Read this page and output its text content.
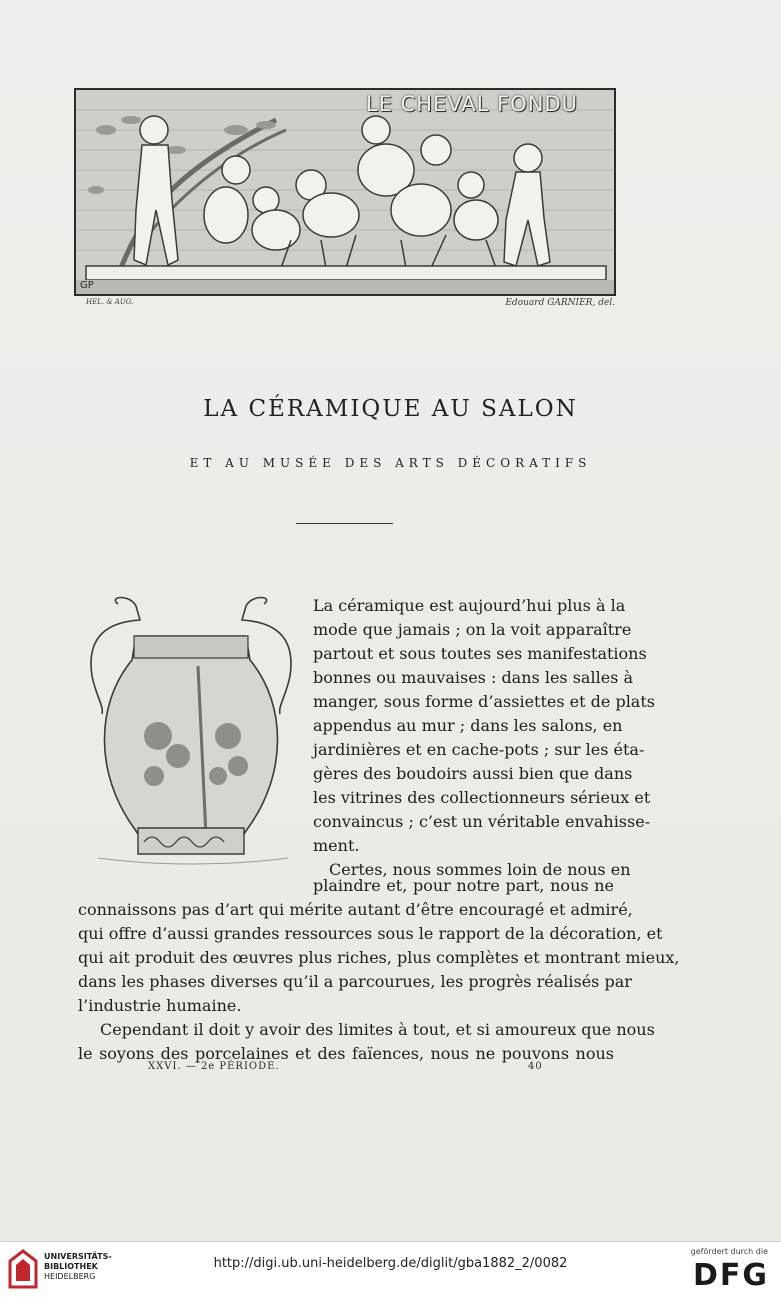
GP
LE CHEVAL FONDU
HEL. & AUG.	Edouard GARNIER, del.
LA CÉRAMIQUE AU SALON
ET AU MUSÉE DES ARTS DÉCORATIFS
La céramique est aujourd’hui plus à la
mode que jamais ; on la voit apparaître
partout et sous toutes ses manifestations
bonnes ou mauvaises : dans les salles à
manger, sous forme d’assiettes et de plats
appendus au mur ; dans les salons, en
jardinières et en cache-pots ; sur les éta-
gères des boudoirs aussi bien que dans
les vitrines des collectionneurs sérieux et
convaincus ; c’est un véritable envahisse-
ment.
Certes, nous sommes loin de nous en
plaindre et, pour notre part, nous ne
connaissons pas d’art qui mérite autant d’être encouragé et admiré,
qui offre d’aussi grandes ressources sous le rapport de la décoration, et
qui ait produit des œuvres plus riches, plus complètes et montrant mieux,
dans les phases diverses qu’il a parcourues, les progrès réalisés par
l’industrie humaine.
Cependant il doit y avoir des limites à tout, et si amoureux que nous
le soyons des porcelaines et des faïences, nous ne pouvons nous
XXVI. — 2e PÉRIODE.	40
UNIVERSITÄTS-
BIBLIOTHEK
HEIDELBERG
http://digi.ub.uni-heidelberg.de/diglit/gba1882_2/0082
gefördert durch die
DFG
